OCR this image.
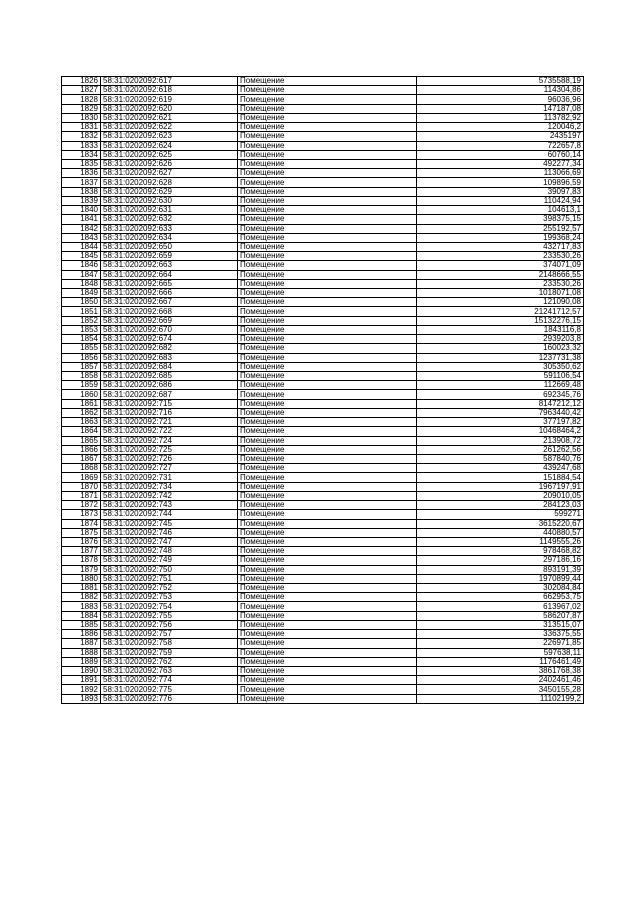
1826	58:31:0202092:617	Помещение	5735588,19
1827	58:31:0202092:618	Помещение	114304,86
1828	58:31:0202092:619	Помещение	96036,96
1829	58:31:0202092:620	Помещение	147187,08
1830	58:31:0202092:621	Помещение	113782,92
1831	58:31:0202092:622	Помещение	120046,2
1832	58:31:0202092:623	Помещение	2435197
1833	58:31:0202092:624	Помещение	722657,8
1834	58:31:0202092:625	Помещение	60760,14
1835	58:31:0202092:626	Помещение	492277,34
1836	58:31:0202092:627	Помещение	113066,69
1837	58:31:0202092:628	Помещение	109896,59
1838	58:31:0202092:629	Помещение	39097,83
1839	58:31:0202092:630	Помещение	110424,94
1840	58:31:0202092:631	Помещение	104613,1
1841	58:31:0202092:632	Помещение	398375,15
1842	58:31:0202092:633	Помещение	255192,57
1843	58:31:0202092:634	Помещение	199368,24
1844	58:31:0202092:650	Помещение	432717,83
1845	58:31:0202092:659	Помещение	233530,26
1846	58:31:0202092:663	Помещение	374071,09
1847	58:31:0202092:664	Помещение	2148666,55
1848	58:31:0202092:665	Помещение	233530,26
1849	58:31:0202092:666	Помещение	1018071,08
1850	58:31:0202092:667	Помещение	121090,08
1851	58:31:0202092:668	Помещение	21241712,57
1852	58:31:0202092:669	Помещение	15132276,15
1853	58:31:0202092:670	Помещение	1843116,8
1854	58:31:0202092:674	Помещение	2939203,8
1855	58:31:0202092:682	Помещение	160023,32
1856	58:31:0202092:683	Помещение	1237731,38
1857	58:31:0202092:684	Помещение	305350,62
1858	58:31:0202092:685	Помещение	591106,54
1859	58:31:0202092:686	Помещение	112669,48
1860	58:31:0202092:687	Помещение	692345,76
1861	58:31:0202092:715	Помещение	8147212,12
1862	58:31:0202092:716	Помещение	7963440,42
1863	58:31:0202092:721	Помещение	377197,82
1864	58:31:0202092:722	Помещение	10468464,2
1865	58:31:0202092:724	Помещение	213908,72
1866	58:31:0202092:725	Помещение	261262,56
1867	58:31:0202092:726	Помещение	587840,76
1868	58:31:0202092:727	Помещение	439247,68
1869	58:31:0202092:731	Помещение	151884,54
1870	58:31:0202092:734	Помещение	1967197,91
1871	58:31:0202092:742	Помещение	209010,05
1872	58:31:0202092:743	Помещение	284123,03
1873	58:31:0202092:744	Помещение	599271
1874	58:31:0202092:745	Помещение	3615220,67
1875	58:31:0202092:746	Помещение	440880,57
1876	58:31:0202092:747	Помещение	1149555,26
1877	58:31:0202092:748	Помещение	978468,82
1878	58:31:0202092:749	Помещение	297186,16
1879	58:31:0202092:750	Помещение	893191,39
1880	58:31:0202092:751	Помещение	1970899,44
1881	58:31:0202092:752	Помещение	302084,84
1882	58:31:0202092:753	Помещение	662953,75
1883	58:31:0202092:754	Помещение	613967,02
1884	58:31:0202092:755	Помещение	586207,87
1885	58:31:0202092:756	Помещение	313515,07
1886	58:31:0202092:757	Помещение	336375,55
1887	58:31:0202092:758	Помещение	226971,85
1888	58:31:0202092:759	Помещение	597638,11
1889	58:31:0202092:762	Помещение	1176461,49
1890	58:31:0202092:763	Помещение	3861768,38
1891	58:31:0202092:774	Помещение	2402461,46
1892	58:31:0202092:775	Помещение	3450155,28
1893	58:31:0202092:776	Помещение	11102199,2
